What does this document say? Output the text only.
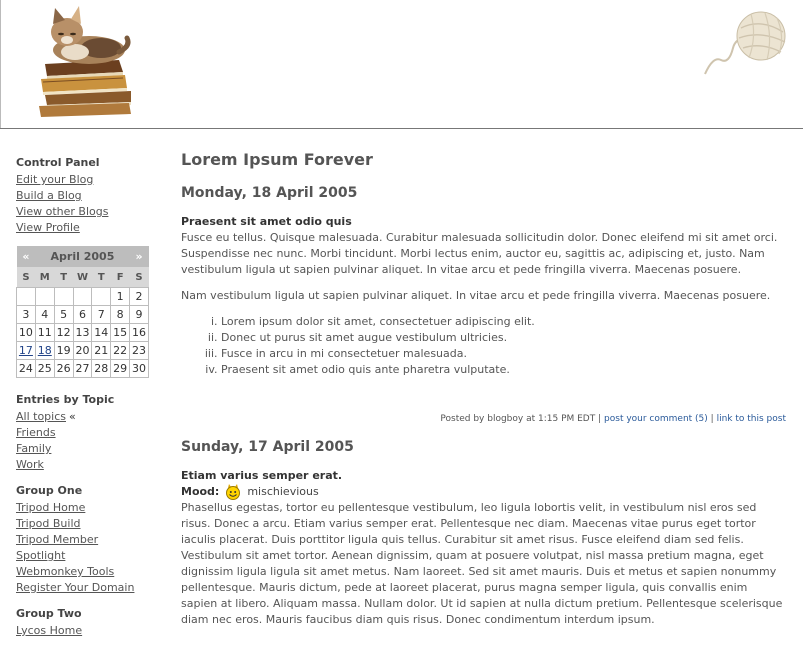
Control Panel
Edit your Blog
Build a Blog
View other Blogs
View Profile
«	April 2005					»
S	M	T	W	T	F	S
					1	2
3	4	5	6	7	8	9
10	11	12	13	14	15	16
17	18	19	20	21	22	23
24	25	26	27	28	29	30
Entries by Topic
All topics «
Friends
Family
Work
Group One
Tripod Home
Tripod Build
Tripod Member
Spotlight
Webmonkey Tools
Register Your Domain
Group Two
Lycos Home
Lorem Ipsum Forever
Monday, 18 April 2005
Praesent sit amet odio quis

Fusce eu tellus. Quisque malesuada. Curabitur malesuada sollicitudin dolor. Donec eleifend mi sit amet orci. Suspendisse nec nunc. Morbi tincidunt. Morbi lectus enim, auctor eu, sagittis ac, adipiscing et, justo. Nam vestibulum ligula ut sapien pulvinar aliquet. In vitae arcu et pede fringilla viverra. Maecenas posuere.

Nam vestibulum ligula ut sapien pulvinar aliquet. In vitae arcu et pede fringilla viverra. Maecenas posuere.

i. Lorem ipsum dolor sit amet, consectetuer adipiscing elit.
ii. Donec ut purus sit amet augue vestibulum ultricies.
iii. Fusce in arcu in mi consectetuer malesuada.
iv. Praesent sit amet odio quis ante pharetra vulputate.
Posted by blogboy at 1:15 PM EDT | post your comment (5) | link to this post
Sunday, 17 April 2005
Etiam varius semper erat.
Mood:	mischievious

Phasellus egestas, tortor eu pellentesque vestibulum, leo ligula lobortis velit, in vestibulum nisl eros sed risus. Donec a arcu. Etiam varius semper erat. Pellentesque nec diam. Maecenas vitae purus eget tortor iaculis placerat. Duis porttitor ligula quis tellus. Curabitur sit amet risus. Fusce eleifend diam sed felis. Vestibulum sit amet tortor. Aenean dignissim, quam at posuere volutpat, nisl massa pretium magna, eget dignissim ligula ligula sit amet metus. Nam laoreet. Sed sit amet mauris. Duis et metus et sapien nonummy pellentesque. Mauris dictum, pede at laoreet placerat, purus magna semper ligula, quis convallis enim sapien at libero. Aliquam massa. Nullam dolor. Ut id sapien at nulla dictum pretium. Pellentesque scelerisque diam nec eros. Mauris faucibus diam quis risus. Donec condimentum interdum ipsum.
